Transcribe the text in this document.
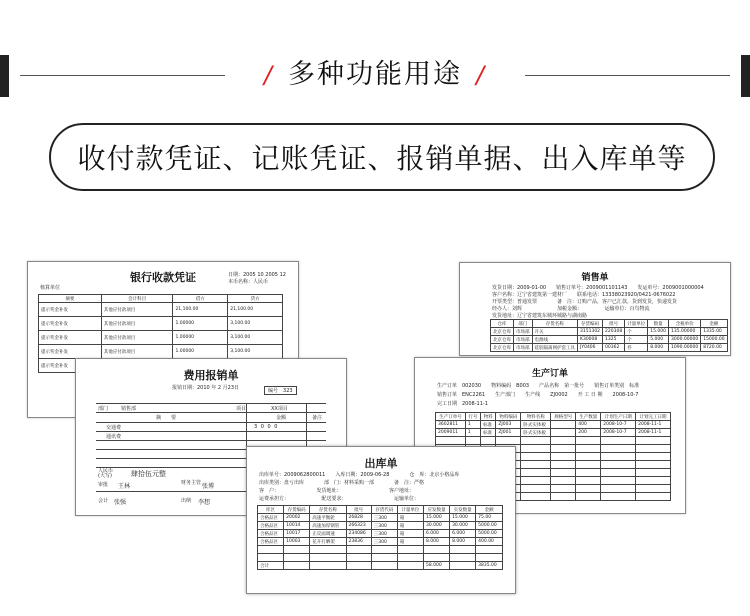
/ 多种功能用途 /
收付款凭证、记账凭证、报销单据、出入库单等
银行收款凭证
核算单位
日期：2005 10 2005 12
本币名称：人民币
摘要	会计科目	借方	贷方
提示奖金补发	其他应付款项目	21,100.00	21,100.00
提示奖金补发	其他应付款项目	1.00000	3,100.00
提示奖金补发	其他应付款项目	1.00000	3,100.00
提示奖金补发	其他应付款项目	1.00000	3,100.00
提示奖金补发			
销售单
发货日期：2009-01-00　　销售订单号：2009001101143　　发运单号：2009001000004
客户名称：辽宁省建筑第一建材厂　　联系电话：13338023920/0421-0676022
开票类型：普通发票　　　　备　注：订购产品，客户已汇款，货到发货，快递发货
经办人：刘辉　　　　　　　加税金额：　　　　　运输单位：百鸟物流
发货地址：辽宁省建筑东城环城路与湖南路
仓库	部门	存货名称	存货编码	批号	计量单位	数量	含税单价	金额
北京仓库	市场部	开关	3151302	220308	个	15.000	135.00000	1335.00
北京仓库	市场部	电源线	K30008	1325	个	5.000	3000.00000	15000.00
北京仓库	市场部	硅胶隔离网护套工具	JY0406	00362	件	8.000	1090.00000	8720.00
费用报销单
报销日期：2010 年 2 月23日	编号　 323
部门	销售部	项目	XX项目
摘　　要	金额	备注
交通费	3 0 0 0
通讯费
人民币
(大写)	肆拾伍元整
审批 王林	财务主管 张博
会计 张强	出纳 李想
生产订单
生产订单　002030　　物料编码　B003　　产品名称　第一批号　　销售订单类别　标准
销售订单　ENC2261　　生产部门　　生产线　　ZJ0002　　开 工 日 期　　2008-10-7
完工日期　2008-11-1
生产订单号	行号	物料	物料编码	物料名称	规格型号	生产数量	计划生产日期	计划完工日期
3602811	1	标准	ZJ003	卧式实体板		400	2008-10-7	2008-11-1
2009011	1	标准	ZJ001	卧式实体板		200	2008-10-7	2008-11-1

出库单
出库单号：2009062800011　　入库日期：2009-06-28　　　　仓　库：北京小格品库
出库类别：盘亏出库　　　　部　门：材料采购一部　　　　备　注：严格
客　户：　　　　　　　　发货地址：　　　　　　　　　　客户地址：
运费承担方：　　　　　　　配送要求：　　　　　　　　　　运输单位：
库区	存货编码	存货名称	批号	存货代码	计量单位	应发数量	实发数量	金额
合格品区	20002	高速平衡轮	26828	三300	箱	15.000	15.000	75.00
合格品区	10014	高速加厚钢管	266323	三300	箱	30.000	30.000	5000.00
合格品区	10017	正反面调速	234086	三300	箱	6.000	6.000	5000.00
合格品区	10003	花开打晒架	23836	三300	箱	8.000	8.000	400.00

合计						58.000		3835.00
